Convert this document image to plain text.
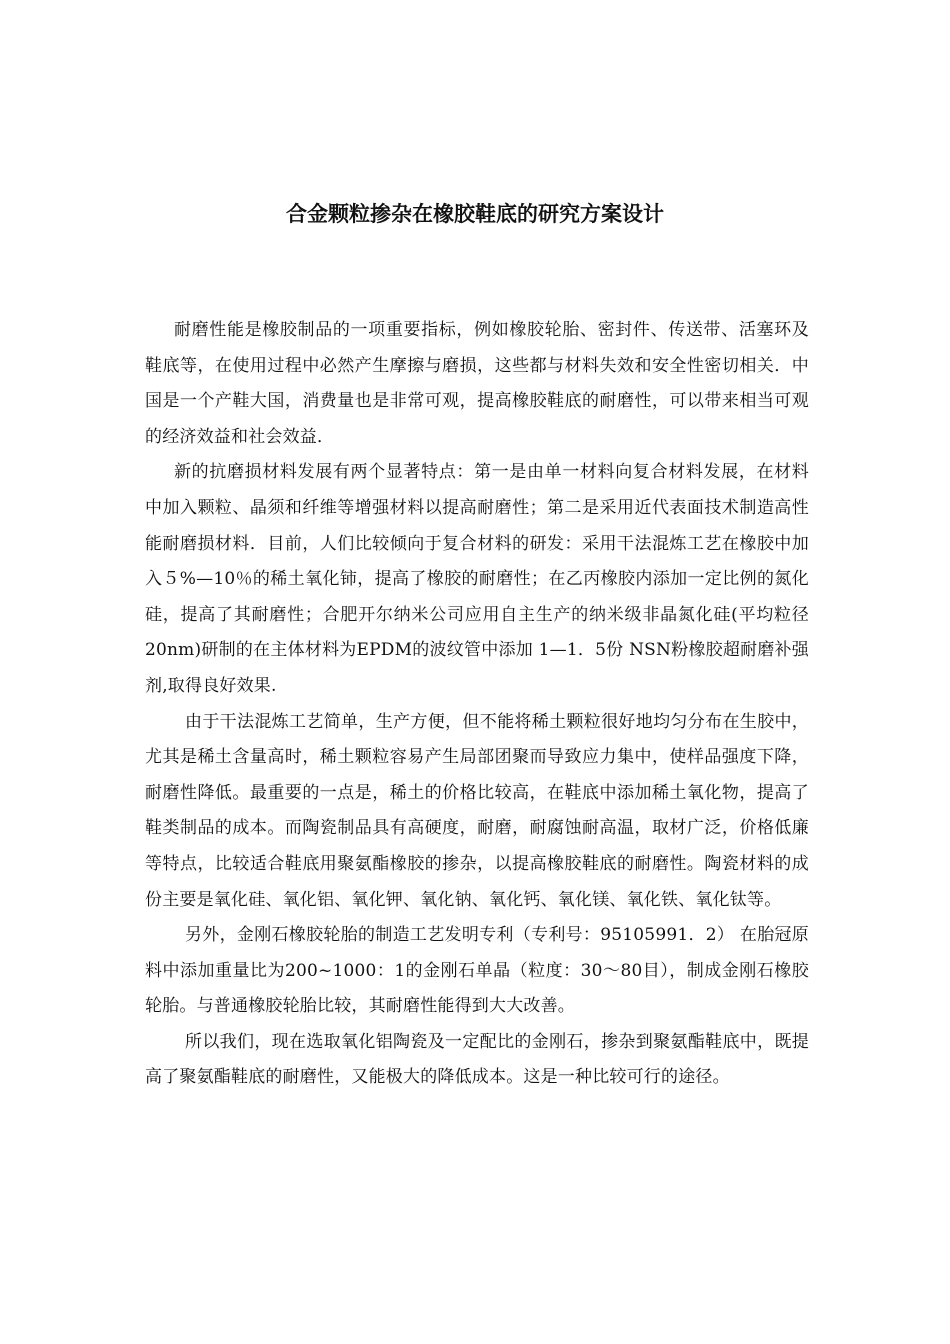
合金颗粒掺杂在橡胶鞋底的研究方案设计

耐磨性能是橡胶制品的一项重要指标，例如橡胶轮胎、密封件、传送带、活塞环及鞋底等，在使用过程中必然产生摩擦与磨损，这些都与材料失效和安全性密切相关．中国是一个产鞋大国，消费量也是非常可观，提高橡胶鞋底的耐磨性，可以带来相当可观的经济效益和社会效益．

新的抗磨损材料发展有两个显著特点：第一是由单一材料向复合材料发展，在材料中加入颗粒、晶须和纤维等增强材料以提高耐磨性；第二是采用近代表面技术制造高性能耐磨损材料．目前，人们比较倾向于复合材料的研发：采用干法混炼工艺在橡胶中加入５%—10％的稀土氧化铈，提高了橡胶的耐磨性；在乙丙橡胶内添加一定比例的氮化硅，提高了其耐磨性；合肥开尔纳米公司应用自主生产的纳米级非晶氮化硅(平均粒径 20nm)研制的在主体材料为EPDM的波纹管中添加 1—1．5份 NSN粉橡胶超耐磨补强剂,取得良好效果.

由于干法混炼工艺简单，生产方便，但不能将稀土颗粒很好地均匀分布在生胶中，尤其是稀土含量高时，稀土颗粒容易产生局部团聚而导致应力集中，使样品强度下降，耐磨性降低。最重要的一点是，稀土的价格比较高，在鞋底中添加稀土氧化物，提高了鞋类制品的成本。而陶瓷制品具有高硬度，耐磨，耐腐蚀耐高温，取材广泛，价格低廉等特点，比较适合鞋底用聚氨酯橡胶的掺杂，以提高橡胶鞋底的耐磨性。陶瓷材料的成份主要是氧化硅、氧化铝、氧化钾、氧化钠、氧化钙、氧化镁、氧化铁、氧化钛等。

另外，金刚石橡胶轮胎的制造工艺发明专利（专利号：95105991．2） 在胎冠原料中添加重量比为200~1000：1的金刚石单晶（粒度：30～80目），制成金刚石橡胶轮胎。与普通橡胶轮胎比较，其耐磨性能得到大大改善。

所以我们，现在选取氧化铝陶瓷及一定配比的金刚石，掺杂到聚氨酯鞋底中，既提高了聚氨酯鞋底的耐磨性，又能极大的降低成本。这是一种比较可行的途径。
